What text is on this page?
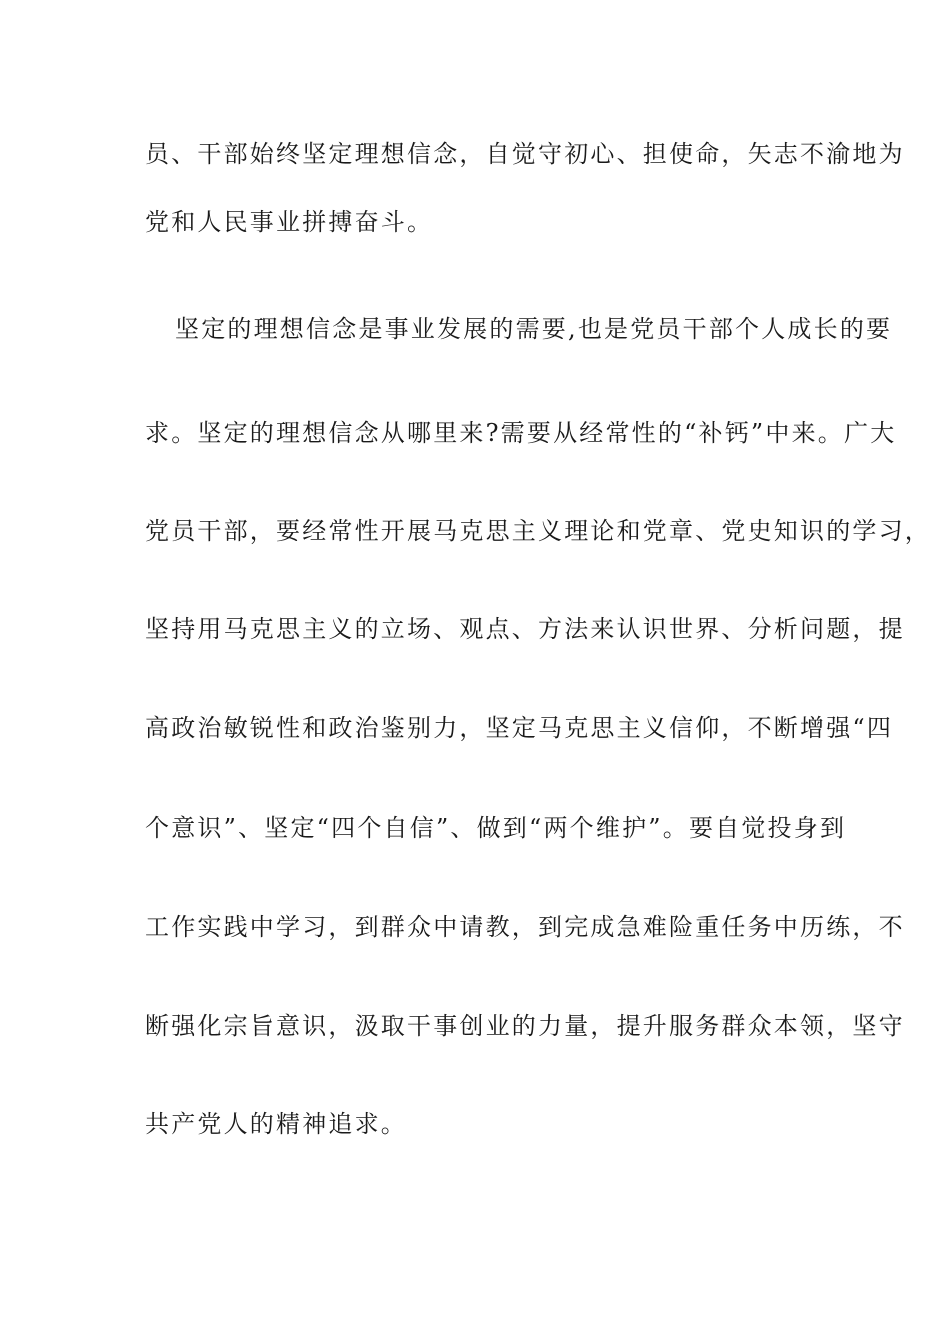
员、干部始终坚定理想信念，自觉守初心、担使命，矢志不渝地为
党和人民事业拼搏奋斗。
坚定的理想信念是事业发展的需要,也是党员干部个人成长的要
求。坚定的理想信念从哪里来?需要从经常性的“补钙”中来。广大
党员干部，要经常性开展马克思主义理论和党章、党史知识的学习，
坚持用马克思主义的立场、观点、方法来认识世界、分析问题，提
高政治敏锐性和政治鉴别力，坚定马克思主义信仰，不断增强“四
个意识”、坚定“四个自信”、做到“两个维护”。要自觉投身到
工作实践中学习，到群众中请教，到完成急难险重任务中历练，不
断强化宗旨意识，汲取干事创业的力量，提升服务群众本领，坚守
共产党人的精神追求。
